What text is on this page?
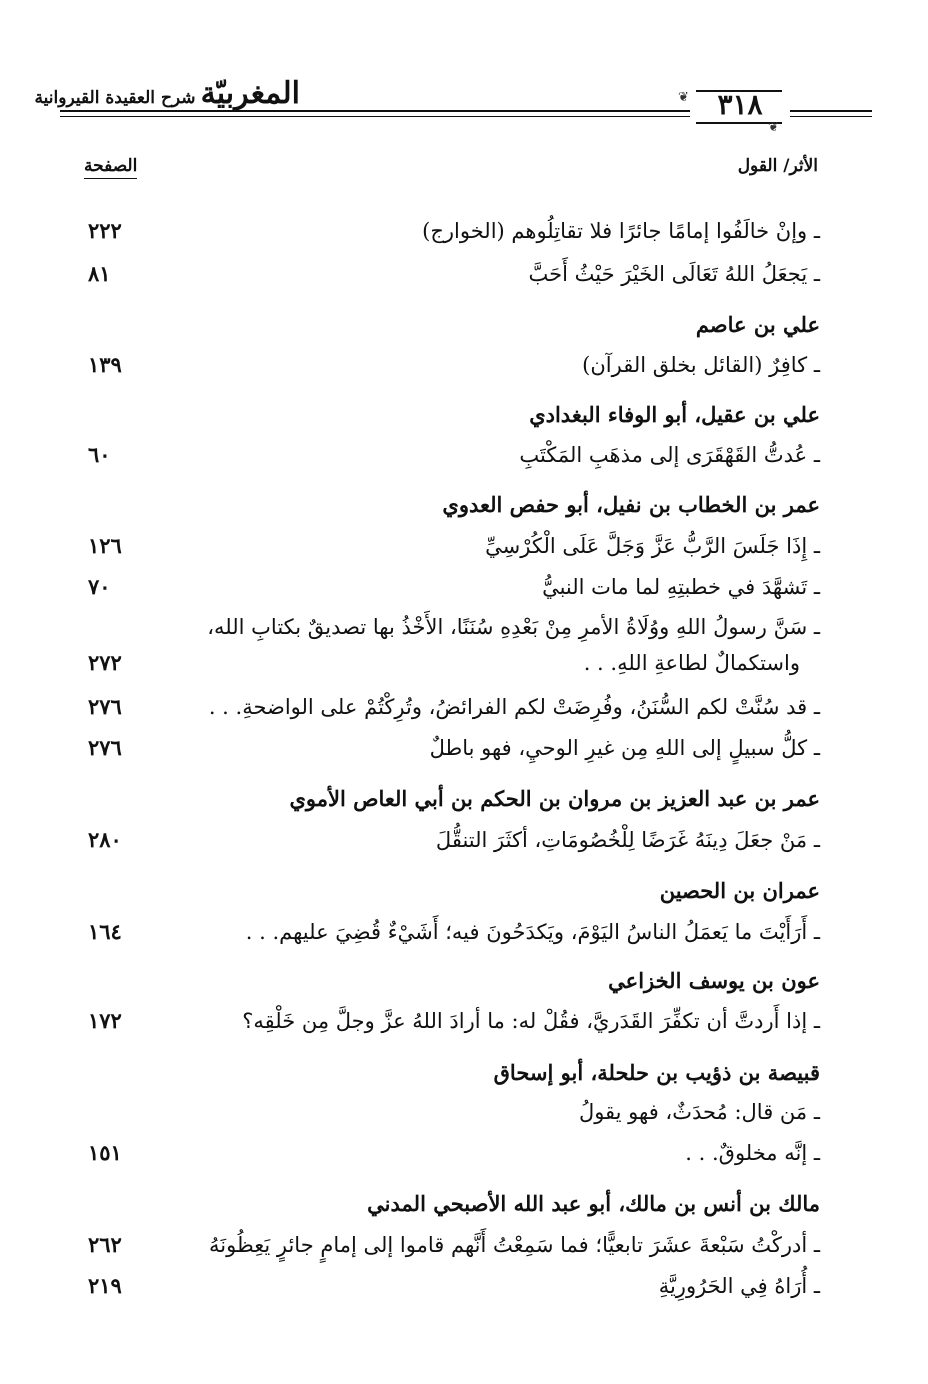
المغربيّة شرح العقيدة القيروانية	٣١٨
❦
❦
الأثر/ القول
الصفحة
ـ وإنْ خالَفُوا إمامًا جائرًا فلا تقاتِلُوهم (الخوارج)
٢٢٢
ـ يَجعَلُ اللهُ تَعَالَى الخَيْرَ حَيْثُ أَحَبَّ
٨١
علي بن عاصم
ـ كافِرٌ (القائل بخلق القرآن)
١٣٩
علي بن عقيل، أبو الوفاء البغدادي
ـ عُدتُّ القَهْقَرَى إلى مذهَبِ المَكْتَبِ
٦٠
عمر بن الخطاب بن نفيل، أبو حفص العدوي
ـ إِذَا جَلَسَ الرَّبُّ عَزَّ وَجَلَّ عَلَى الْكُرْسِيِّ
١٢٦
ـ تَشهَّدَ في خطبتِهِ لما مات النبيُّ
٧٠
ـ سَنَّ رسولُ اللهِ ووُلَاةُ الأمرِ مِنْ بَعْدِهِ سُنَنًا، الأَخْذُ بها تصديقٌ بكتابِ الله،
واستكمالٌ لطاعةِ اللهِ. . .
٢٧٢
ـ قد سُنَّتْ لكم السُّنَنُ، وفُرِضَتْ لكم الفرائضُ، وتُرِكْتُمْ على الواضحةِ. . .
٢٧٦
ـ كلُّ سبيلٍ إلى اللهِ مِن غيرِ الوحيِ، فهو باطلٌ
٢٧٦
عمر بن عبد العزيز بن مروان بن الحكم بن أبي العاص الأموي
ـ مَنْ جعَلَ دِينَهُ غَرَضًا لِلْخُصُومَاتِ، أكثَرَ التنقُّلَ
٢٨٠
عمران بن الحصين
ـ أَرَأَيْتَ ما يَعمَلُ الناسُ اليَوْمَ، ويَكدَحُونَ فيه؛ أَشَيْءٌ قُضِيَ عليهم. . .
١٦٤
عون بن يوسف الخزاعي
ـ إذا أَردتَّ أن تكفِّرَ القَدَريَّ، فقُلْ له: ما أرادَ اللهُ عزَّ وجلَّ مِن خَلْقِه؟
١٧٢
قبيصة بن ذؤيب بن حلحلة، أبو إسحاق
ـ مَن قال: مُحدَثٌ، فهو يقولُ
ـ إنَّه مخلوقٌ. . .
١٥١
مالك بن أنس بن مالك، أبو عبد الله الأصبحي المدني
ـ أدركْتُ سَبْعةَ عشَرَ تابعيًّا؛ فما سَمِعْتُ أَنَّهم قاموا إلى إمامٍ جائرٍ يَعِظُونَهُ
٢٦٢
ـ أُرَاهُ فِي الحَرُورِيَّةِ
٢١٩
